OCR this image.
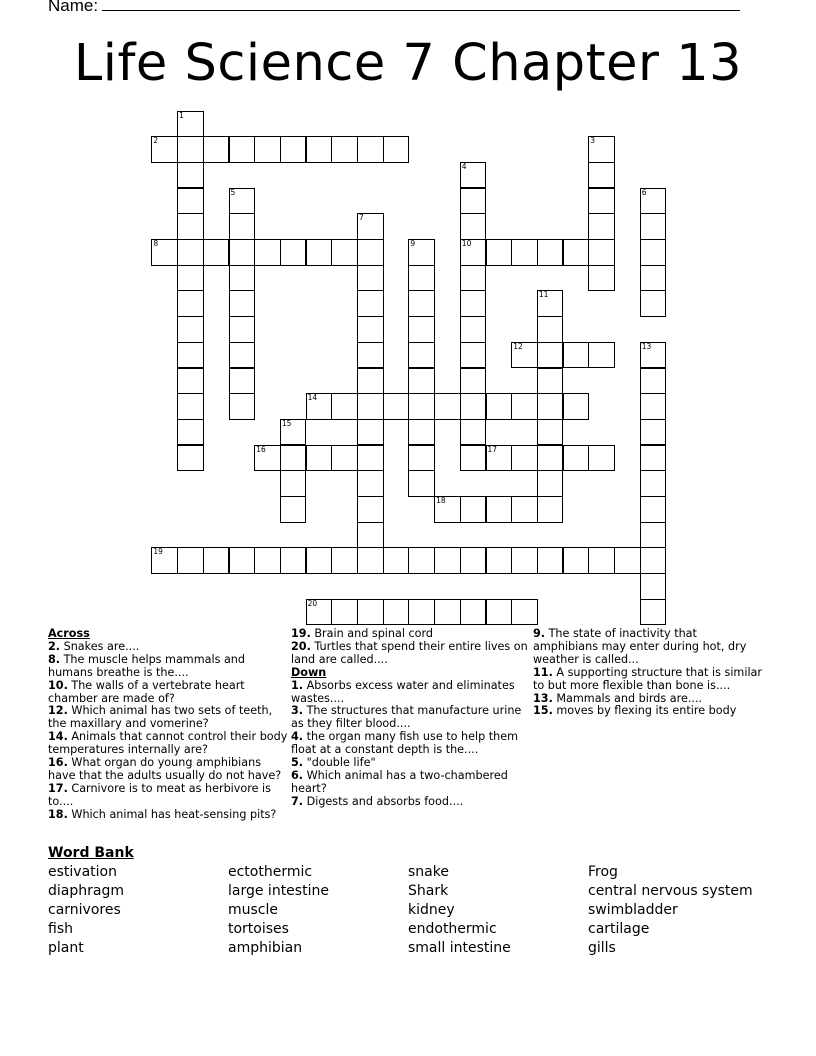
Name:
Life Science 7 Chapter 13
1
2	3
4
10
5	6
7
8	9
11
12	13
14
15
16	17
18
19
20
Across
2. Snakes are....
8. The muscle helps mammals and humans breathe is the....
10. The walls of a vertebrate heart chamber are made of?
12. Which animal has two sets of teeth, the maxillary and vomerine?
14. Animals that cannot control their body temperatures internally are?
16. What organ do young amphibians have that the adults usually do not have?
17. Carnivore is to meat as herbivore is to....
18. Which animal has heat-sensing pits?
19. Brain and spinal cord
20. Turtles that spend their entire lives on land are called....
Down
1. Absorbs excess water and eliminates wastes....
3. The structures that manufacture urine as they filter blood....
4. the organ many fish use to help them float at a constant depth is the....
5. "double life"
6. Which animal has a two-chambered heart?
7. Digests and absorbs food....
9. The state of inactivity that amphibians may enter during hot, dry weather is called...
11. A supporting structure that is similar to but more flexible than bone is....
13. Mammals and birds are....
15. moves by flexing its entire body
Word Bank
estivation	ectothermic	snake	Frog
diaphragm	large intestine	Shark	central nervous system
carnivores	muscle	kidney	swimbladder
fish	tortoises	endothermic	cartilage
plant	amphibian	small intestine	gills
